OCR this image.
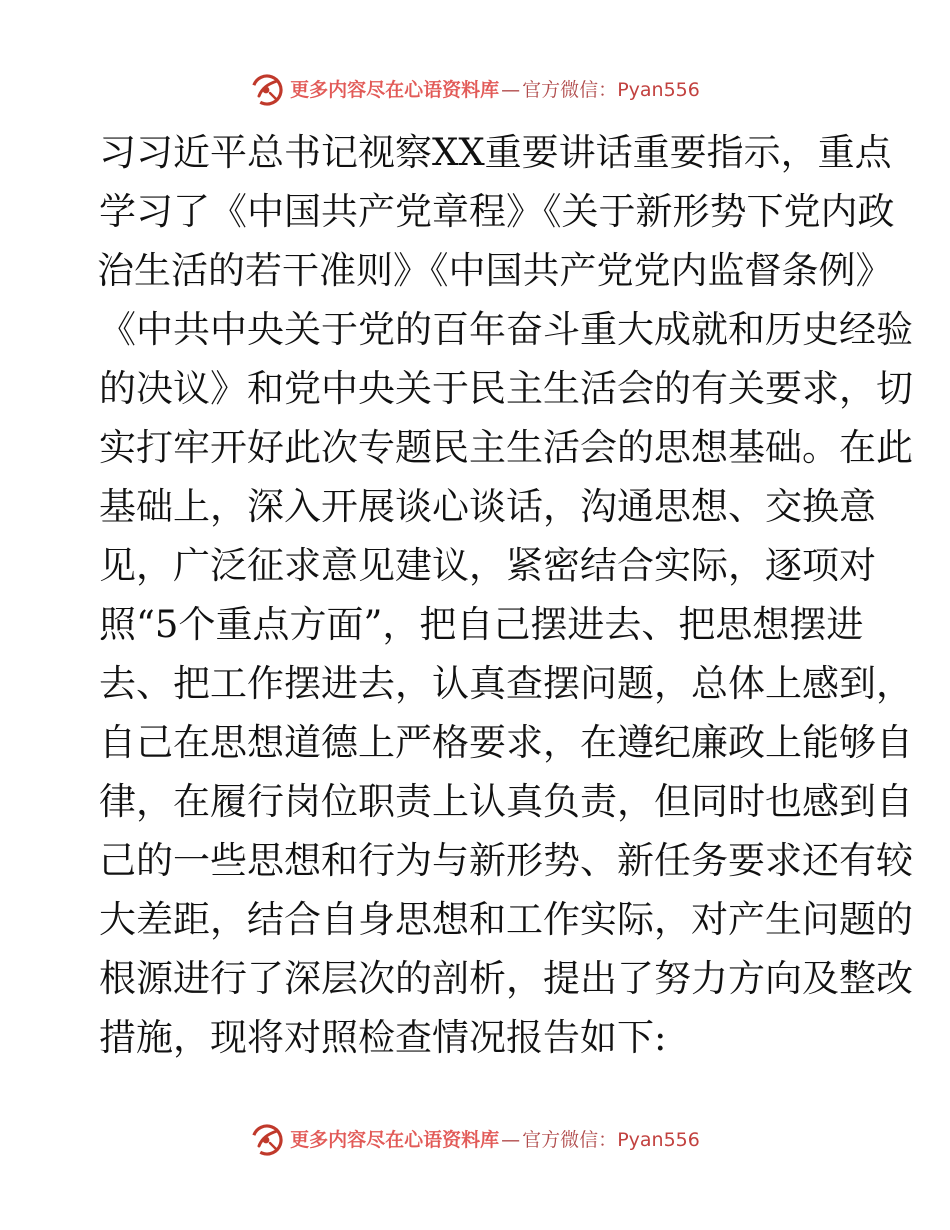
更多内容尽在心语资料库 — 官方微信： Pyan556
习习近平总书记视察XX重要讲话重要指示，重点
学习了《中国共产党章程》《关于新形势下党内政
治生活的若干准则》《中国共产党党内监督条例》
《中共中央关于党的百年奋斗重大成就和历史经验
的决议》和党中央关于民主生活会的有关要求，切
实打牢开好此次专题民主生活会的思想基础。在此
基础上，深入开展谈心谈话，沟通思想、交换意
见，广泛征求意见建议，紧密结合实际，逐项对
照“5个重点方面”，把自己摆进去、把思想摆进
去、把工作摆进去，认真查摆问题，总体上感到，
自己在思想道德上严格要求，在遵纪廉政上能够自
律，在履行岗位职责上认真负责，但同时也感到自
己的一些思想和行为与新形势、新任务要求还有较
大差距，结合自身思想和工作实际，对产生问题的
根源进行了深层次的剖析，提出了努力方向及整改
措施，现将对照检查情况报告如下:
更多内容尽在心语资料库 — 官方微信： Pyan556
